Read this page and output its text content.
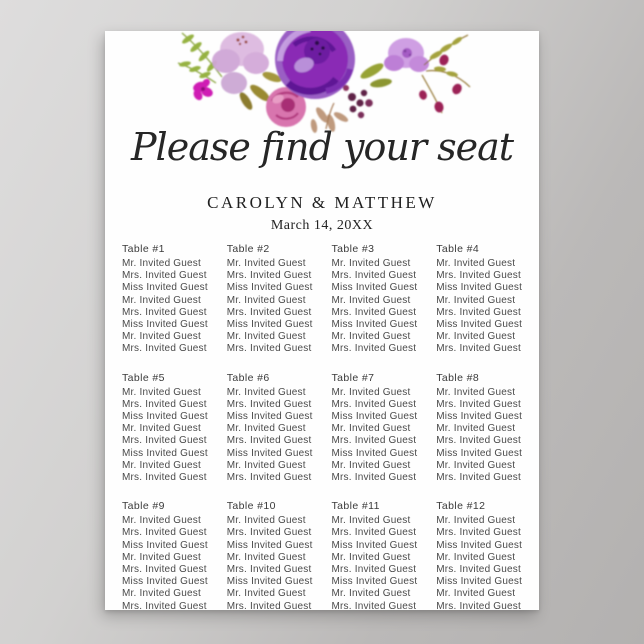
Please find your seat
CAROLYN & MATTHEW
March 14, 20XX
Table #1
Mr. Invited Guest
Mrs. Invited Guest
Miss Invited Guest
Mr. Invited Guest
Mrs. Invited Guest
Miss Invited Guest
Mr. Invited Guest
Mrs. Invited Guest
Table #2
Mr. Invited Guest
Mrs. Invited Guest
Miss Invited Guest
Mr. Invited Guest
Mrs. Invited Guest
Miss Invited Guest
Mr. Invited Guest
Mrs. Invited Guest
Table #3
Mr. Invited Guest
Mrs. Invited Guest
Miss Invited Guest
Mr. Invited Guest
Mrs. Invited Guest
Miss Invited Guest
Mr. Invited Guest
Mrs. Invited Guest
Table #4
Mr. Invited Guest
Mrs. Invited Guest
Miss Invited Guest
Mr. Invited Guest
Mrs. Invited Guest
Miss Invited Guest
Mr. Invited Guest
Mrs. Invited Guest
Table #5
Mr. Invited Guest
Mrs. Invited Guest
Miss Invited Guest
Mr. Invited Guest
Mrs. Invited Guest
Miss Invited Guest
Mr. Invited Guest
Mrs. Invited Guest
Table #6
Mr. Invited Guest
Mrs. Invited Guest
Miss Invited Guest
Mr. Invited Guest
Mrs. Invited Guest
Miss Invited Guest
Mr. Invited Guest
Mrs. Invited Guest
Table #7
Mr. Invited Guest
Mrs. Invited Guest
Miss Invited Guest
Mr. Invited Guest
Mrs. Invited Guest
Miss Invited Guest
Mr. Invited Guest
Mrs. Invited Guest
Table #8
Mr. Invited Guest
Mrs. Invited Guest
Miss Invited Guest
Mr. Invited Guest
Mrs. Invited Guest
Miss Invited Guest
Mr. Invited Guest
Mrs. Invited Guest
Table #9
Mr. Invited Guest
Mrs. Invited Guest
Miss Invited Guest
Mr. Invited Guest
Mrs. Invited Guest
Miss Invited Guest
Mr. Invited Guest
Mrs. Invited Guest
Table #10
Mr. Invited Guest
Mrs. Invited Guest
Miss Invited Guest
Mr. Invited Guest
Mrs. Invited Guest
Miss Invited Guest
Mr. Invited Guest
Mrs. Invited Guest
Table #11
Mr. Invited Guest
Mrs. Invited Guest
Miss Invited Guest
Mr. Invited Guest
Mrs. Invited Guest
Miss Invited Guest
Mr. Invited Guest
Mrs. Invited Guest
Table #12
Mr. Invited Guest
Mrs. Invited Guest
Miss Invited Guest
Mr. Invited Guest
Mrs. Invited Guest
Miss Invited Guest
Mr. Invited Guest
Mrs. Invited Guest
